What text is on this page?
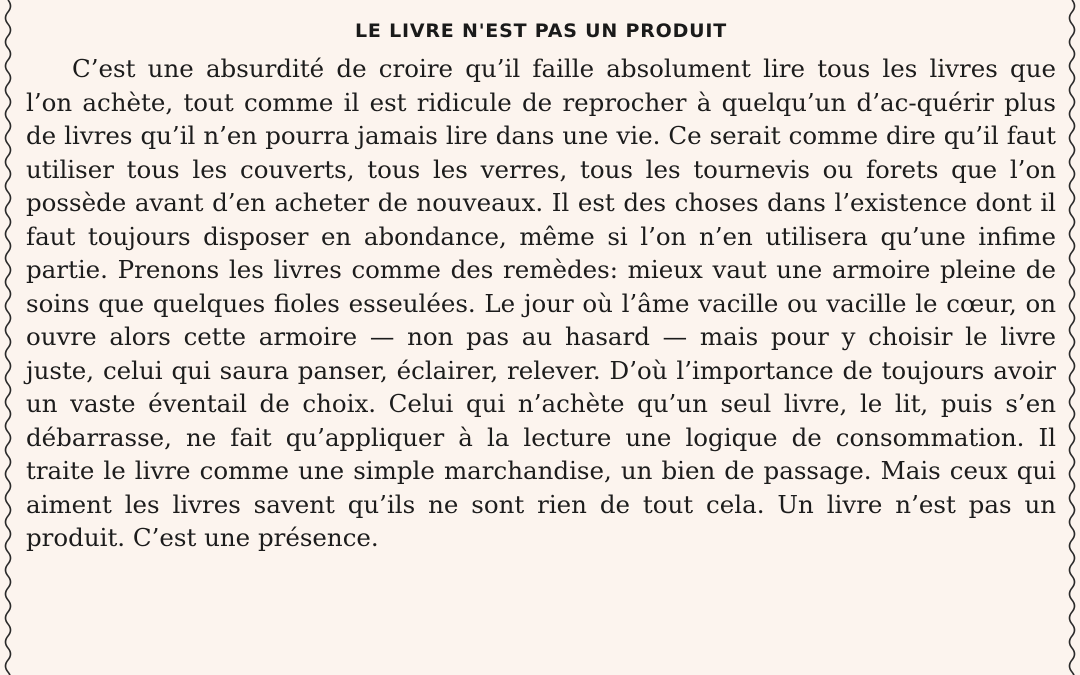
LE LIVRE N'EST PAS UN PRODUIT

C’est une absurdité de croire qu’il faille absolument lire tous les livres que l’on achète, tout comme il est ridicule de reprocher à quelqu’un d’ac-quérir plus de livres qu’il n’en pourra jamais lire dans une vie. Ce serait comme dire qu’il faut utiliser tous les couverts, tous les verres, tous les tournevis ou forets que l’on possède avant d’en acheter de nouveaux. Il est des choses dans l’existence dont il faut toujours disposer en abondance, même si l’on n’en utilisera qu’une infime partie. Prenons les livres comme des remèdes: mieux vaut une armoire pleine de soins que quelques fioles esseulées. Le jour où l’âme vacille ou vacille le cœur, on ouvre alors cette armoire — non pas au hasard — mais pour y choisir le livre juste, celui qui saura panser, éclairer, relever. D’où l’importance de toujours avoir un vaste éventail de choix. Celui qui n’achète qu’un seul livre, le lit, puis s’en débarrasse, ne fait qu’appliquer à la lecture une logique de consommation. Il traite le livre comme une simple marchandise, un bien de passage. Mais ceux qui aiment les livres savent qu’ils ne sont rien de tout cela. Un livre n’est pas un produit. C’est une présence.
